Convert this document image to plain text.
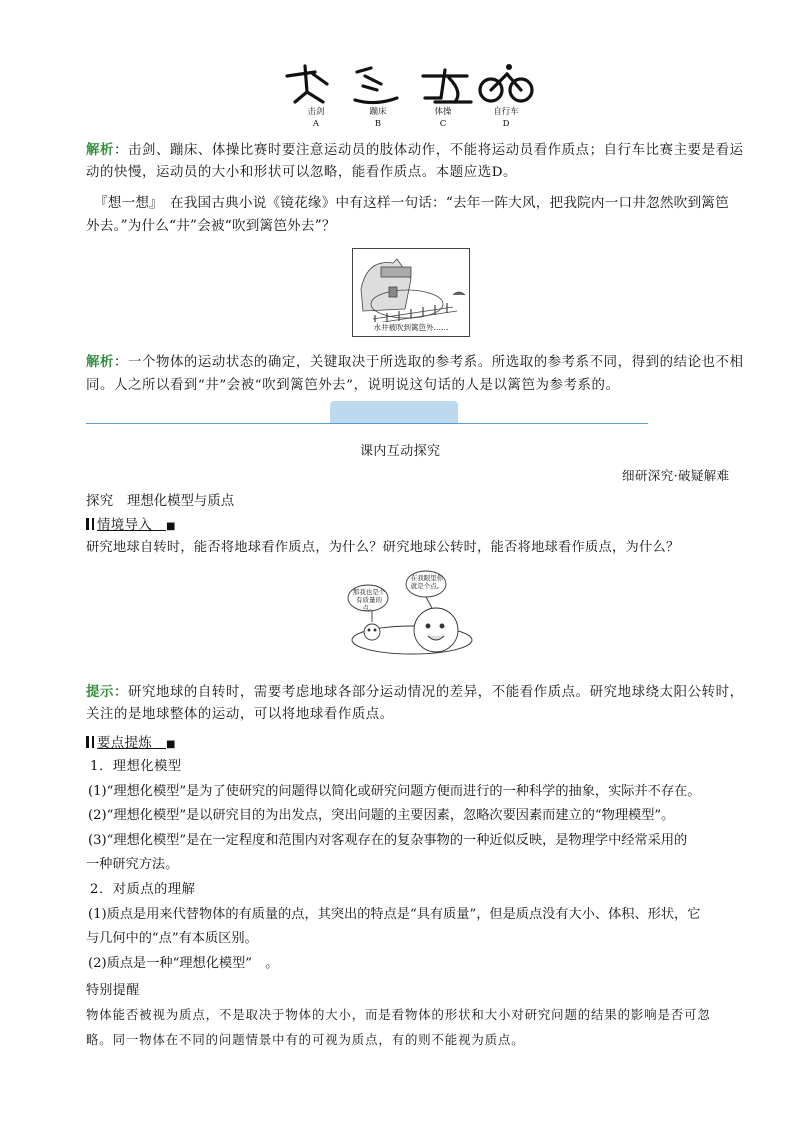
击剑	蹦床	体操	自行车
A	B	C	D
解析：击剑、蹦床、体操比赛时要注意运动员的肢体动作，不能将运动员看作质点；自行车比赛主要是看运
动的快慢，运动员的大小和形状可以忽略，能看作质点。本题应选D。
『想一想』　在我国古典小说《镜花缘》中有这样一句话：“去年一阵大风，把我院内一口井忽然吹到篱笆
外去。”为什么“井”会被“吹到篱笆外去”？
水井被吹到篱笆外……
解析：一个物体的运动状态的确定，关键取决于所选取的参考系。所选取的参考系不同，得到的结论也不相
同。人之所以看到“井”会被“吹到篱笆外去”，说明说这句话的人是以篱笆为参考系的。
课内互动探究
细研深究·破疑解难
探究　理想化模型与质点
情境导入　 ■
研究地球自转时，能否将地球看作质点，为什么？研究地球公转时，能否将地球看作质点，为什么？
那我也是个有质量的点。
在我眼里你就是个点。
提示：研究地球的自转时，需要考虑地球各部分运动情况的差异，不能看作质点。研究地球绕太阳公转时，
关注的是地球整体的运动，可以将地球看作质点。
要点提炼　 ■
1．理想化模型
(1)“理想化模型”是为了使研究的问题得以简化或研究问题方便而进行的一种科学的抽象，实际并不存在。
(2)“理想化模型”是以研究目的为出发点，突出问题的主要因素，忽略次要因素而建立的“物理模型”。
(3)“理想化模型”是在一定程度和范围内对客观存在的复杂事物的一种近似反映，是物理学中经常采用的
一种研究方法。
2．对质点的理解
(1)质点是用来代替物体的有质量的点，其突出的特点是“具有质量”，但是质点没有大小、体积、形状，它
与几何中的“点”有本质区别。
(2)质点是一种“理想化模型”　。
特别提醒
物体能否被视为质点，不是取决于物体的大小，而是看物体的形状和大小对研究问题的结果的影响是否可忽
略。同一物体在不同的问题情景中有的可视为质点，有的则不能视为质点。
